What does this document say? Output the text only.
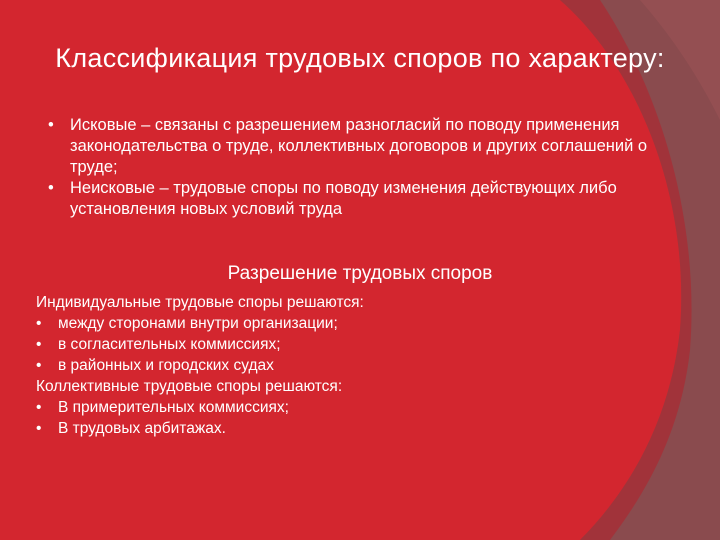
Классификация трудовых споров по характеру:
• Исковые – связаны с разрешением разногласий по поводу применения законодательства о труде, коллективных договоров и других соглашений о труде;
• Неисковые – трудовые споры по поводу изменения действующих либо установления новых условий труда
Разрешение трудовых споров
Индивидуальные трудовые споры решаются:
• между сторонами внутри организации;
• в согласительных коммиссиях;
• в районных и городских судах
Коллективные трудовые споры решаются:
• В примерительных коммиссиях;
• В трудовых арбитажах.
